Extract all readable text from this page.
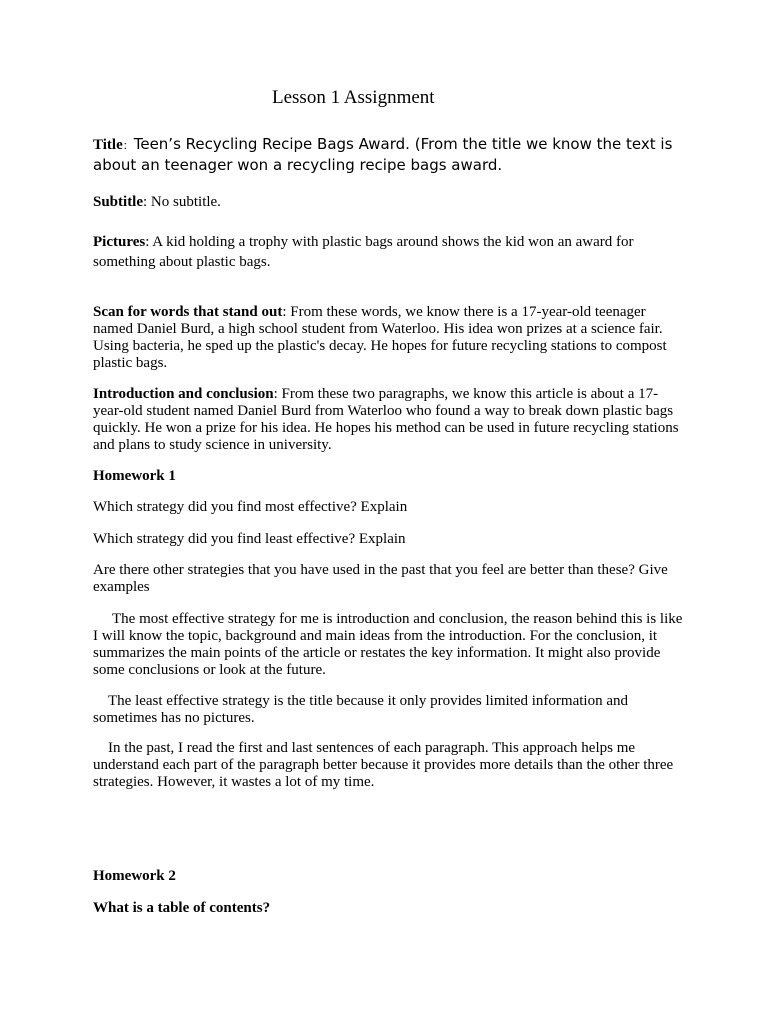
Lesson 1 Assignment

Title：Teen’s Recycling Recipe Bags Award. (From the title we know the text is about an teenager won a recycling recipe bags award.

Subtitle: No subtitle.

Pictures: A kid holding a trophy with plastic bags around shows the kid won an award for something about plastic bags.

Scan for words that stand out: From these words, we know there is a 17-year-old teenager named Daniel Burd, a high school student from Waterloo. His idea won prizes at a science fair. Using bacteria, he sped up the plastic's decay. He hopes for future recycling stations to compost plastic bags.

Introduction and conclusion: From these two paragraphs, we know this article is about a 17-year-old student named Daniel Burd from Waterloo who found a way to break down plastic bags quickly. He won a prize for his idea. He hopes his method can be used in future recycling stations and plans to study science in university.

Homework 1

Which strategy did you find most effective? Explain

Which strategy did you find least effective? Explain

Are there other strategies that you have used in the past that you feel are better than these? Give examples

The most effective strategy for me is introduction and conclusion, the reason behind this is like I will know the topic, background and main ideas from the introduction. For the conclusion, it summarizes the main points of the article or restates the key information. It might also provide some conclusions or look at the future.

The least effective strategy is the title because it only provides limited information and sometimes has no pictures.

In the past, I read the first and last sentences of each paragraph. This approach helps me understand each part of the paragraph better because it provides more details than the other three strategies. However, it wastes a lot of my time.

Homework 2

What is a table of contents?
